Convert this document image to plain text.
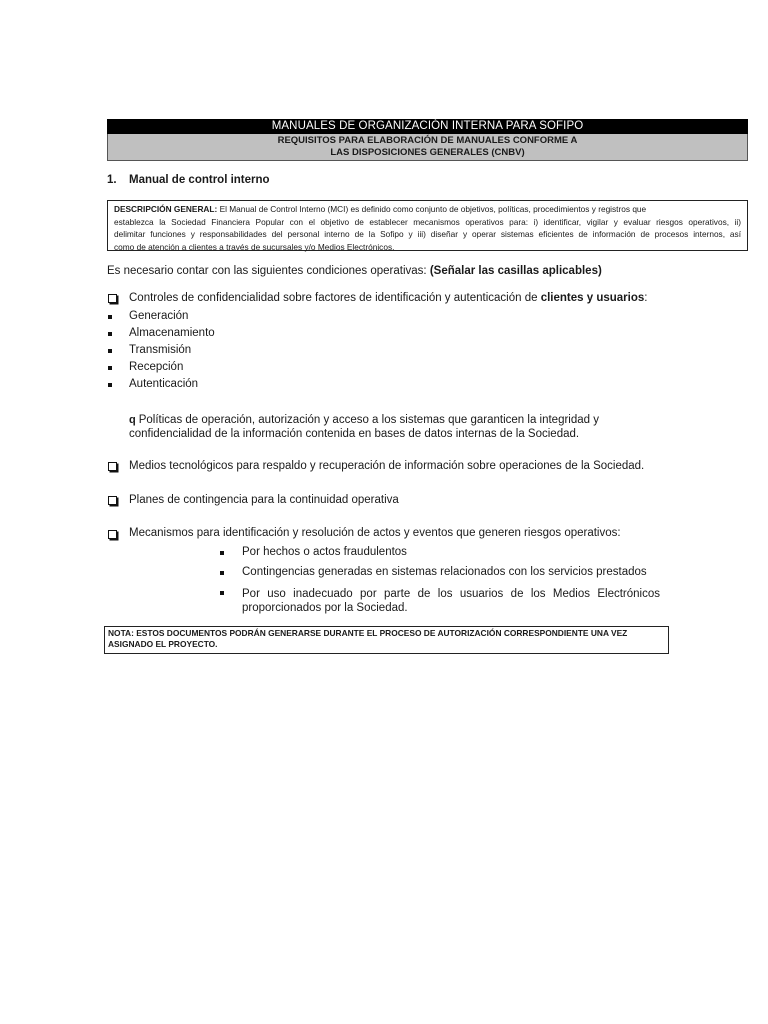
MANUALES DE ORGANIZACIÓN INTERNA PARA SOFIPO
REQUISITOS PARA ELABORACIÓN DE MANUALES CONFORME A
LAS DISPOSICIONES GENERALES (CNBV)
1. Manual de control interno
DESCRIPCIÓN GENERAL: El Manual de Control Interno (MCI) es definido como conjunto de objetivos, políticas, procedimientos y registros que
establezca la Sociedad Financiera Popular con el objetivo de establecer mecanismos operativos para: i) identificar, vigilar y evaluar riesgos operativos, ii)
delimitar funciones y responsabilidades del personal interno de la Sofipo y iii) diseñar y operar sistemas eficientes de información de procesos internos, así
como de atención a clientes a través de sucursales y/o Medios Electrónicos.
Es necesario contar con las siguientes condiciones operativas: (Señalar las casillas aplicables)
Controles de confidencialidad sobre factores de identificación y autenticación de clientes y usuarios:
Generación
Almacenamiento
Transmisión
Recepción
Autenticación
q Políticas de operación, autorización y acceso a los sistemas que garanticen la integridad y
confidencialidad de la información contenida en bases de datos internas de la Sociedad.
Medios tecnológicos para respaldo y recuperación de información sobre operaciones de la Sociedad.
Planes de contingencia para la continuidad operativa
Mecanismos para identificación y resolución de actos y eventos que generen riesgos operativos:
Por hechos o actos fraudulentos
Contingencias generadas en sistemas relacionados con los servicios prestados
Por uso inadecuado por parte de los usuarios de los Medios Electrónicos
proporcionados por la Sociedad.
NOTA: ESTOS DOCUMENTOS PODRÁN GENERARSE DURANTE EL PROCESO DE AUTORIZACIÓN CORRESPONDIENTE UNA VEZ
ASIGNADO EL PROYECTO.
